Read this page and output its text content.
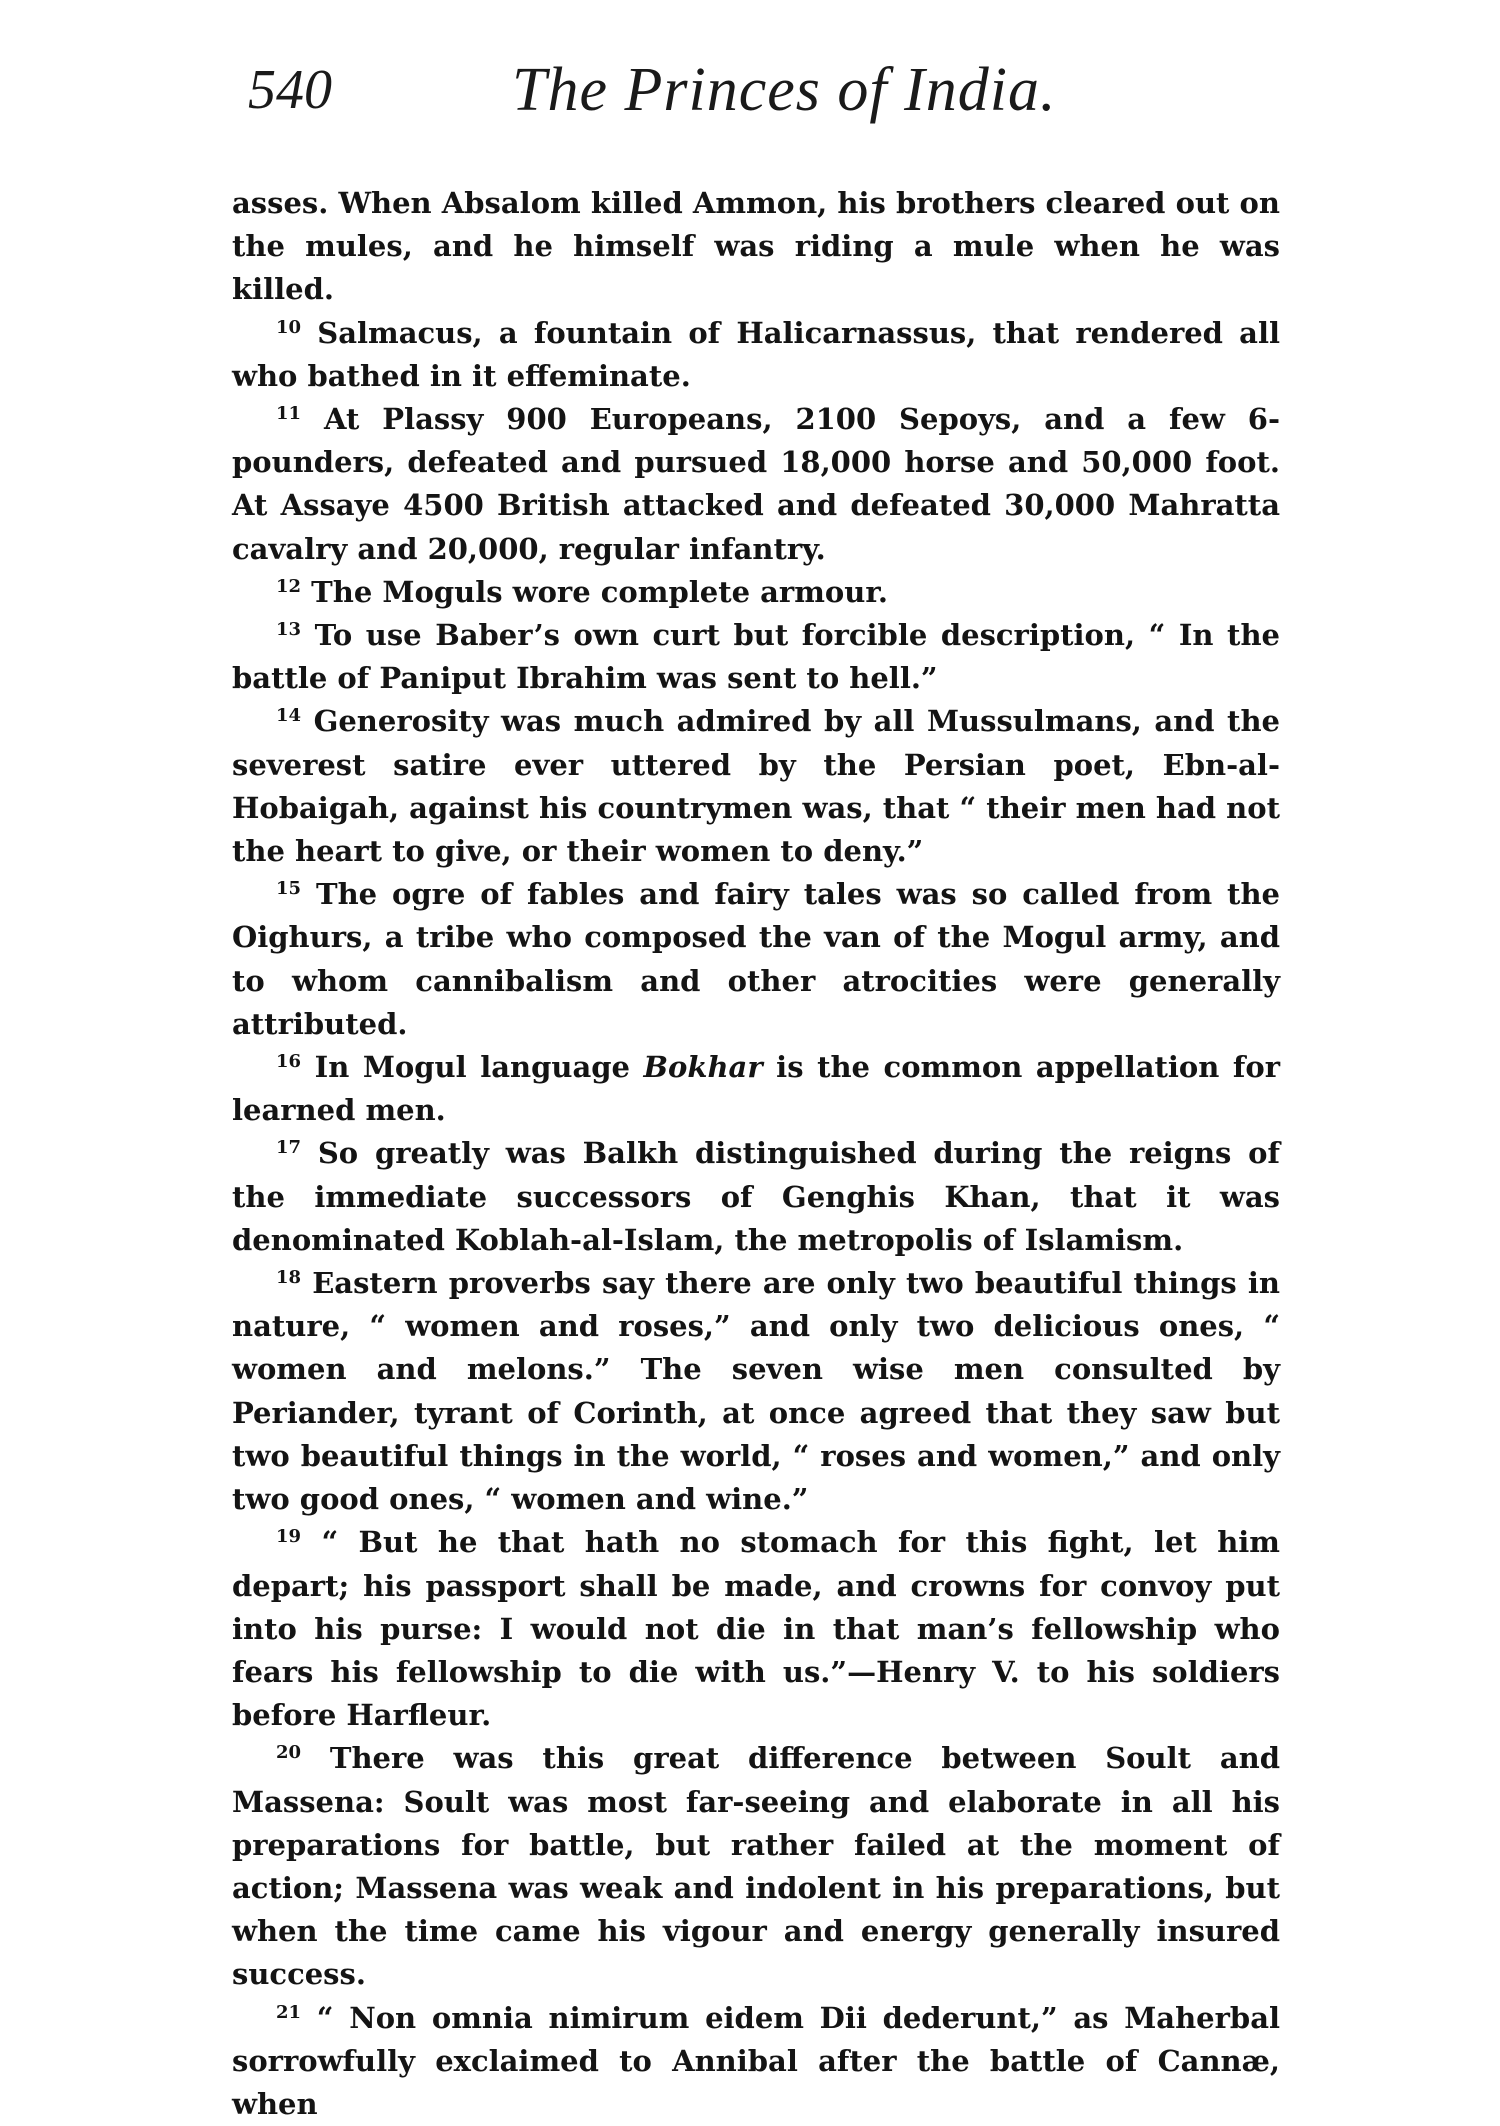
540	The Princes of India.

asses. When Absalom killed Ammon, his brothers cleared out on the mules, and he himself was riding a mule when he was killed.

$^{10}$ Salmacus, a fountain of Halicarnassus, that rendered all who bathed in it effeminate.

$^{11}$ At Plassy 900 Europeans, 2100 Sepoys, and a few 6-pounders, defeated and pursued 18,000 horse and 50,000 foot. At Assaye 4500 British attacked and defeated 30,000 Mahratta cavalry and 20,000, regular infantry.

$^{12}$ The Moguls wore complete armour.

$^{13}$ To use Baber’s own curt but forcible description, “ In the battle of Paniput Ibrahim was sent to hell.”

$^{14}$ Generosity was much admired by all Mussulmans, and the severest satire ever uttered by the Persian poet, Ebn-al-Hobaigah, against his countrymen was, that “ their men had not the heart to give, or their women to deny.”

$^{15}$ The ogre of fables and fairy tales was so called from the Oighurs, a tribe who composed the van of the Mogul army, and to whom cannibalism and other atrocities were generally attributed.

$^{16}$ In Mogul language Bokhar is the common appellation for learned men.

$^{17}$ So greatly was Balkh distinguished during the reigns of the immediate successors of Genghis Khan, that it was denominated Koblah-al-Islam, the metropolis of Islamism.

$^{18}$ Eastern proverbs say there are only two beautiful things in nature, “ women and roses,” and only two delicious ones, “ women and melons.” The seven wise men consulted by Periander, tyrant of Corinth, at once agreed that they saw but two beautiful things in the world, “ roses and women,” and only two good ones, “ women and wine.”

$^{19}$ “ But he that hath no stomach for this fight, let him depart; his passport shall be made, and crowns for convoy put into his purse: I would not die in that man’s fellowship who fears his fellowship to die with us.”—Henry V. to his soldiers before Harfleur.

$^{20}$ There was this great difference between Soult and Massena: Soult was most far-seeing and elaborate in all his preparations for battle, but rather failed at the moment of action; Massena was weak and indolent in his preparations, but when the time came his vigour and energy generally insured success.

$^{21}$ “ Non omnia nimirum eidem Dii dederunt,” as Maherbal sorrowfully exclaimed to Annibal after the battle of Cannæ, when
